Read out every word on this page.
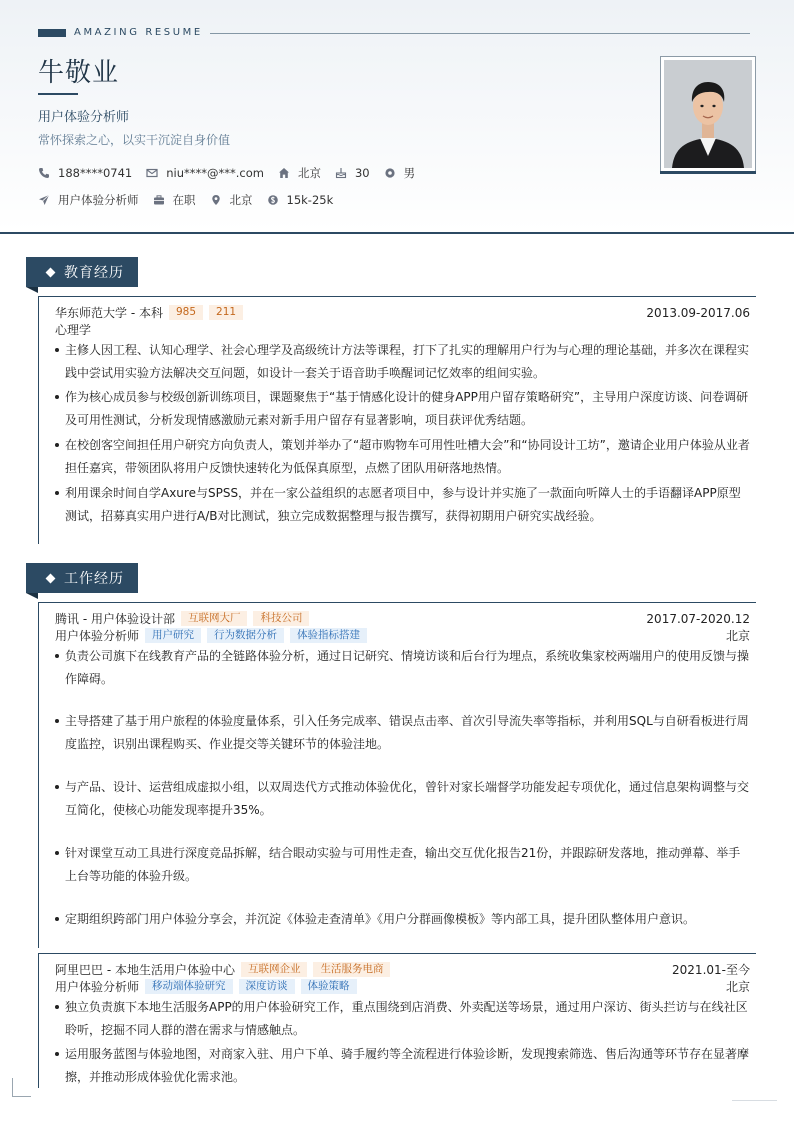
AMAZING RESUME
牛敬业
用户体验分析师
常怀探索之心，以实干沉淀自身价值
188****0741	niu****@***.com	北京	30	男
用户体验分析师	在职	北京	15k-25k
教育经历
华东师范大学 - 本科	985	211	2013.09-2017.06
心理学
主修人因工程、认知心理学、社会心理学及高级统计方法等课程，打下了扎实的理解用户行为与心理的理论基础，并多次在课程实践中尝试用实验方法解决交互问题，如设计一套关于语音助手唤醒词记忆效率的组间实验。
作为核心成员参与校级创新训练项目，课题聚焦于“基于情感化设计的健身APP用户留存策略研究”，主导用户深度访谈、问卷调研及可用性测试，分析发现情感激励元素对新手用户留存有显著影响，项目获评优秀结题。
在校创客空间担任用户研究方向负责人，策划并举办了“超市购物车可用性吐槽大会”和“协同设计工坊”，邀请企业用户体验从业者担任嘉宾，带领团队将用户反馈快速转化为低保真原型，点燃了团队用研落地热情。
利用课余时间自学Axure与SPSS，并在一家公益组织的志愿者项目中，参与设计并实施了一款面向听障人士的手语翻译APP原型测试，招募真实用户进行A/B对比测试，独立完成数据整理与报告撰写，获得初期用户研究实战经验。
工作经历
腾讯 - 用户体验设计部	互联网大厂	科技公司	2017.07-2020.12
用户体验分析师	用户研究	行为数据分析	体验指标搭建	北京
负责公司旗下在线教育产品的全链路体验分析，通过日记研究、情境访谈和后台行为埋点，系统收集家校两端用户的使用反馈与操作障碍。
主导搭建了基于用户旅程的体验度量体系，引入任务完成率、错误点击率、首次引导流失率等指标，并利用SQL与自研看板进行周度监控，识别出课程购买、作业提交等关键环节的体验洼地。
与产品、设计、运营组成虚拟小组，以双周迭代方式推动体验优化，曾针对家长端督学功能发起专项优化，通过信息架构调整与交互简化，使核心功能发现率提升35%。
针对课堂互动工具进行深度竞品拆解，结合眼动实验与可用性走查，输出交互优化报告21份，并跟踪研发落地，推动弹幕、举手上台等功能的体验升级。
定期组织跨部门用户体验分享会，并沉淀《体验走查清单》《用户分群画像模板》等内部工具，提升团队整体用户意识。
阿里巴巴 - 本地生活用户体验中心	互联网企业	生活服务电商	2021.01-至今
用户体验分析师	移动端体验研究	深度访谈	体验策略	北京
独立负责旗下本地生活服务APP的用户体验研究工作，重点围绕到店消费、外卖配送等场景，通过用户深访、街头拦访与在线社区聆听，挖掘不同人群的潜在需求与情感触点。
运用服务蓝图与体验地图，对商家入驻、用户下单、骑手履约等全流程进行体验诊断，发现搜索筛选、售后沟通等环节存在显著摩擦，并推动形成体验优化需求池。
